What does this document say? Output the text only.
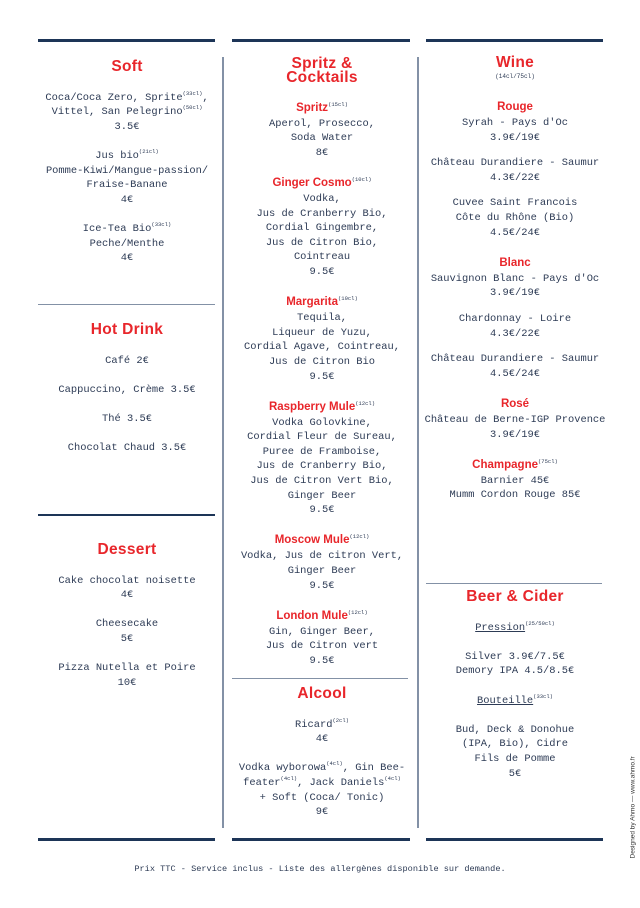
Soft
Coca/Coca Zero, Sprite$^{(33cl)}$,
Vittel, San Pelegrino$^{(50cl)}$
3.5€
Jus bio$^{(21cl)}$
Pomme-Kiwi/Mangue-passion/
Fraise-Banane
4€
Ice-Tea Bio$^{(33cl)}$
Peche/Menthe
4€
Hot Drink
Café 2€
Cappuccino, Crème 3.5€
Thé 3.5€
Chocolat Chaud 3.5€
Dessert
Cake chocolat noisette
4€
Cheesecake
5€
Pizza Nutella et Poire
10€
Spritz & Cocktails
Spritz$^{(15cl)}$
Aperol, Prosecco,
Soda Water
8€
Ginger Cosmo$^{(10cl)}$
Vodka,
Jus de Cranberry Bio,
Cordial Gingembre,
Jus de Citron Bio,
Cointreau
9.5€
Margarita$^{(10cl)}$
Tequila,
Liqueur de Yuzu,
Cordial Agave, Cointreau,
Jus de Citron Bio
9.5€
Raspberry Mule$^{(12cl)}$
Vodka Golovkine,
Cordial Fleur de Sureau,
Puree de Framboise,
Jus de Cranberry Bio,
Jus de Citron Vert Bio,
Ginger Beer
9.5€
Moscow Mule$^{(12cl)}$
Vodka, Jus de citron Vert,
Ginger Beer
9.5€
London Mule$^{(12cl)}$
Gin, Ginger Beer,
Jus de Citron vert
9.5€
Alcool
Ricard$^{(2cl)}$
4€
Vodka wyborowa$^{(4cl)}$, Gin Bee-
feater$^{(4cl)}$, Jack Daniels$^{(4cl)}$
+ Soft (Coca/ Tonic)
9€
Wine
(14cl/75cl)
Rouge
Syrah - Pays d'Oc
3.9€/19€
Château Durandiere - Saumur
4.3€/22€
Cuvee Saint Francois
Côte du Rhône (Bio)
4.5€/24€
Blanc
Sauvignon Blanc - Pays d'Oc
3.9€/19€
Chardonnay - Loire
4.3€/22€
Château Durandiere - Saumur
4.5€/24€
Rosé
Château de Berne-IGP Provence
3.9€/19€
Champagne$^{(75cl)}$
Barnier 45€
Mumm Cordon Rouge 85€
Beer & Cider
Pression$^{(25/50cl)}$
Silver 3.9€/7.5€
Demory IPA 4.5/8.5€
Bouteille$^{(33cl)}$
Bud, Deck & Donohue
(IPA, Bio), Cidre
Fils de Pomme
5€
Prix TTC - Service inclus - Liste des allergènes disponible sur demande.
Designed by Ahmo — www.ahmo.fr
